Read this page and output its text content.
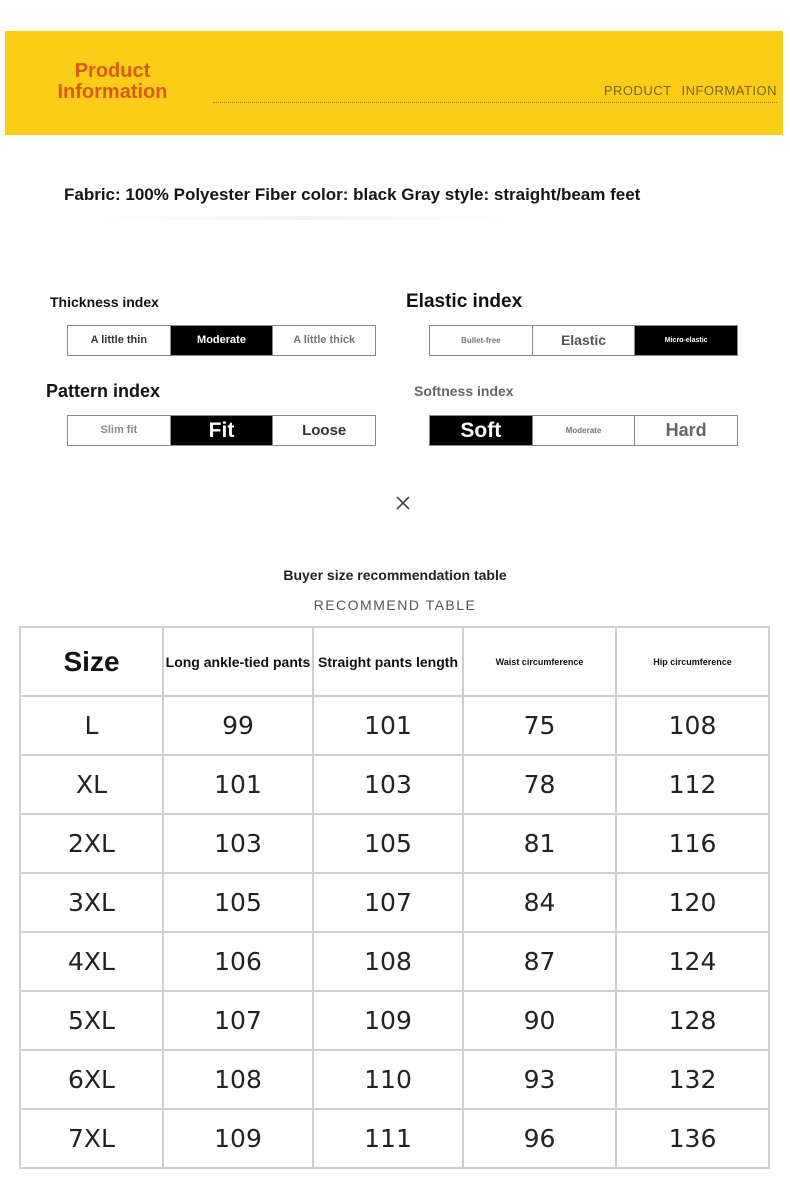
Product
Information	PRODUCT INFORMATION
Fabric: 100% Polyester Fiber color: black Gray style: straight/beam feet
Thickness index
A little thin	Moderate	A little thick
Elastic index
Bullet-free	Elastic	Micro-elastic
Pattern index
Slim fit	Fit	Loose
Softness index
Soft	Moderate	Hard
Buyer size recommendation table
RECOMMEND TABLE
Size	Long ankle-tied pants	Straight pants length	Waist circumference	Hip circumference
L	99	101	75	108
XL	101	103	78	112
2XL	103	105	81	116
3XL	105	107	84	120
4XL	106	108	87	124
5XL	107	109	90	128
6XL	108	110	93	132
7XL	109	111	96	136
